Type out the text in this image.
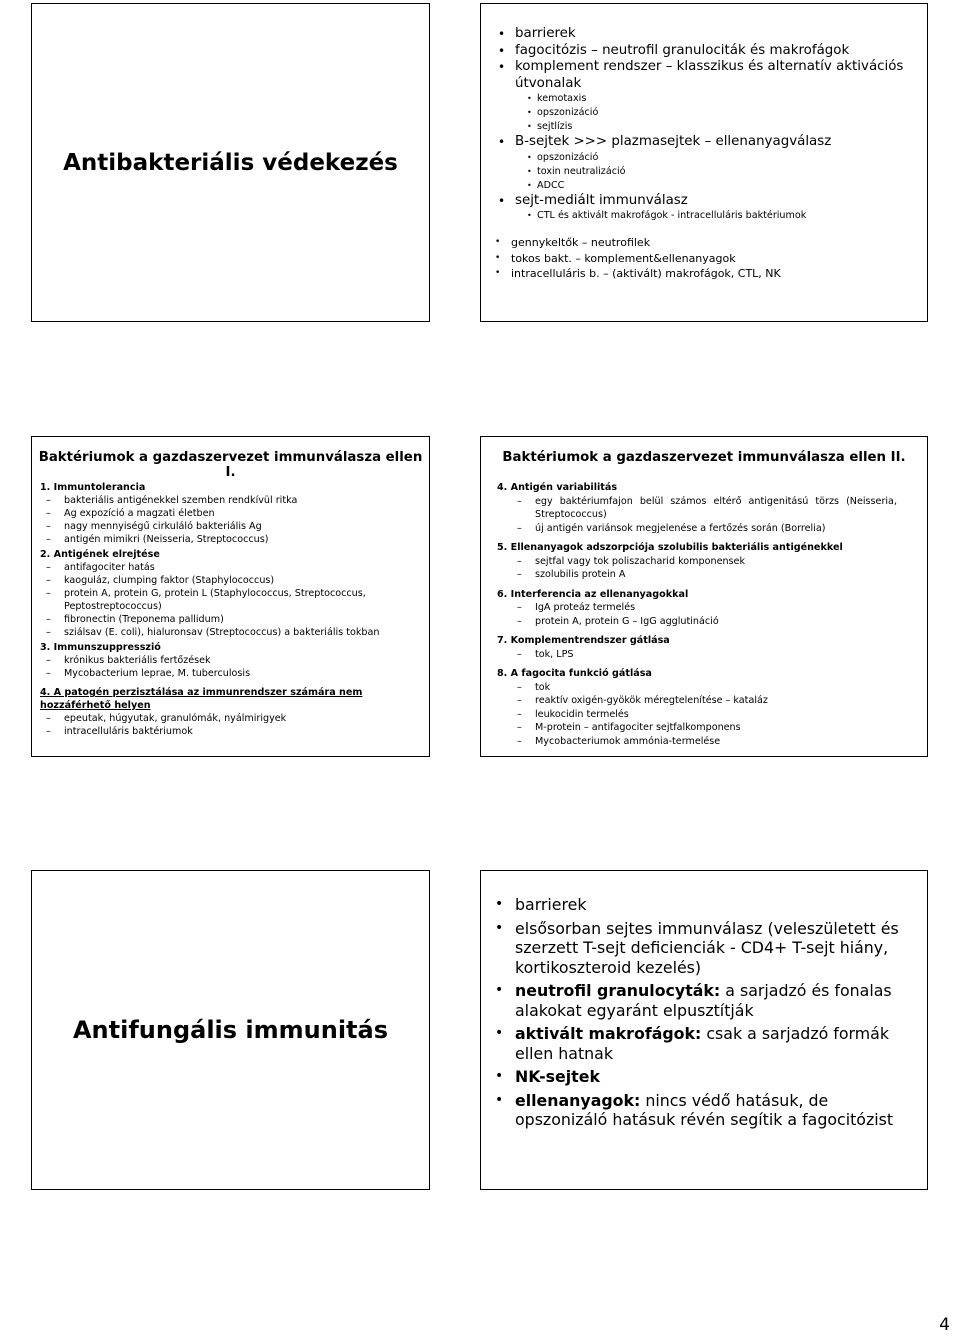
Antibakteriális védekezés
• barrierek
• fagocitózis – neutrofil granulociták és makrofágok
• komplement rendszer – klasszikus és alternatív aktivációs útvonalak
• kemotaxis
• opszonizáció
• sejtlízis
• B-sejtek >>> plazmasejtek – ellenanyagválasz
• opszonizáció
• toxin neutralizáció
• ADCC
• sejt-mediált immunválasz
• CTL és aktivált makrofágok - intracelluláris baktériumok
• gennykeltők – neutrofilek
• tokos bakt. – komplement&ellenanyagok
• intracelluláris b. – (aktivált) makrofágok, CTL, NK
Baktériumok a gazdaszervezet immunválasza ellen I.
1. Immuntolerancia
– bakteriális antigénekkel szemben rendkívül ritka
– Ag expozíció a magzati életben
– nagy mennyiségű cirkuláló bakteriális Ag
– antigén mimikri (Neisseria, Streptococcus)
2. Antigének elrejtése
– antifagociter hatás
– kaoguláz, clumping faktor (Staphylococcus)
– protein A, protein G, protein L (Staphylococcus, Streptococcus, Peptostreptococcus)
– fibronectin (Treponema pallidum)
– sziálsav (E. coli), hialuronsav (Streptococcus) a bakteriális tokban
3. Immunszuppresszió
– krónikus bakteriális fertőzések
– Mycobacterium leprae, M. tuberculosis
4. A patogén perzisztálása az immunrendszer számára nem hozzáférhető helyen
– epeutak, húgyutak, granulómák, nyálmirigyek
– intracelluláris baktériumok
Baktériumok a gazdaszervezet immunválasza ellen II.
4. Antigén variabilitás
– egy baktériumfajon belül számos eltérő antigenitású törzs (Neisseria, Streptococcus)
– új antigén variánsok megjelenése a fertőzés során (Borrelia)
5. Ellenanyagok adszorpciója szolubilis bakteriális antigénekkel
– sejtfal vagy tok poliszacharid komponensek
– szolubilis protein A
6. Interferencia az ellenanyagokkal
– IgA proteáz termelés
– protein A, protein G – IgG agglutináció
7. Komplementrendszer gátlása
– tok, LPS
8. A fagocita funkció gátlása
– tok
– reaktív oxigén-gyökök méregtelenítése – kataláz
– leukocidin termelés
– M-protein – antifagociter sejtfalkomponens
– Mycobacteriumok ammónia-termelése
Antifungális immunitás
• barrierek
• elsősorban sejtes immunválasz (veleszületett és szerzett T-sejt deficienciák - CD4+ T-sejt hiány, kortikoszteroid kezelés)
• neutrofil granulocyták: a sarjadzó és fonalas alakokat egyaránt elpusztítják
• aktivált makrofágok: csak a sarjadzó formák ellen hatnak
• NK-sejtek
• ellenanyagok: nincs védő hatásuk, de opszonizáló hatásuk révén segítik a fagocitózist
4
